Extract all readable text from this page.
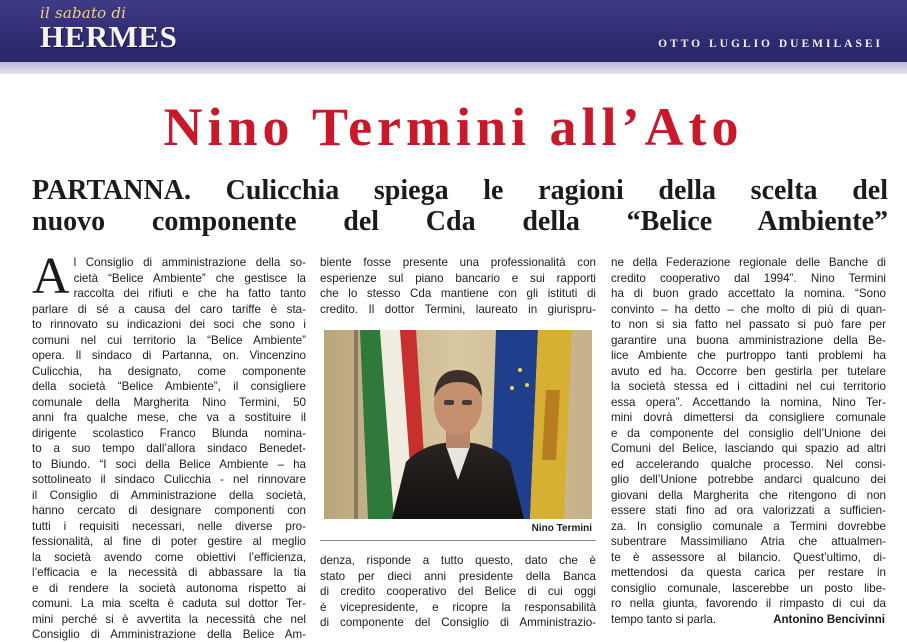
il sabato di
HERMES	OTTO LUGLIO DUEMILASEI
Nino Termini all’Ato
PARTANNA. Culicchia spiega le ragioni della scelta del
nuovo componente del Cda della “Belice Ambiente”
A l Consiglio di amministrazione della so-
cietà “Belice Ambiente” che gestisce la
raccolta dei rifiuti e che ha fatto tanto
parlare di sé a causa del caro tariffe è sta-
to rinnovato su indicazioni dei soci che sono i
comuni nel cui territorio la “Belice Ambiente”
opera. Il sindaco di Partanna, on. Vincenzino
Culicchia, ha designato, come componente
della società “Belice Ambiente”, il consigliere
comunale della Margherita Nino Termini, 50
anni fra qualche mese, che va a sostituire il
dirigente scolastico Franco Blunda nomina-
to a suo tempo dall’allora sindaco Benedet-
to Biundo. “I soci della Belice Ambiente – ha
sottolineato il sindaco Culicchia - nel rinnovare
il Consiglio di Amministrazione della società,
hanno cercato di designare componenti con
tutti i requisiti necessari, nelle diverse pro-
fessionalità, al fine di poter gestire al meglio
la società avendo come obiettivi l’efficienza,
l’efficacia e la necessità di abbassare la tia
e di rendere la società autonoma rispetto ai
comuni. La mia scelta è caduta sul dottor Ter-
mini perché si è avvertita la necessità che nel
Consiglio di Amministrazione della Belice Am-
biente fosse presente una professionalità con
esperienze sul piano bancario e sui rapporti
che lo stesso Cda mantiene con gli istituti di
credito. Il dottor Termini, laureato in giurispru-
Nino Termini
denza, risponde a tutto questo, dato che è
stato per dieci anni presidente della Banca
di credito cooperativo del Belice di cui oggi
è vicepresidente, e ricopre la responsabilità
di componente del Consiglio di Amministrazio-
ne della Federazione regionale delle Banche di
credito cooperativo dal 1994”. Nino Termini
ha di buon grado accettato la nomina. “Sono
convinto – ha detto – che molto di più di quan-
to non si sia fatto nel passato si può fare per
garantire una buona amministrazione della Be-
lice Ambiente che purtroppo tanti problemi ha
avuto ed ha. Occorre ben gestirla per tutelare
la società stessa ed i cittadini nel cui territorio
essa opera”. Accettando la nomina, Nino Ter-
mini dovrà dimettersi da consigliere comunale
e da componente del consiglio dell’Unione dei
Comuni del Belice, lasciando qui spazio ad altri
ed accelerando qualche processo. Nel consi-
glio dell’Unione potrebbe andarci qualcuno dei
giovani della Margherita che ritengono di non
essere stati fino ad ora valorizzati a sufficien-
za. In consiglio comunale a Termini dovrebbe
subentrare Massimiliano Atria che attualmen-
te è assessore al bilancio. Quest’ultimo, di-
mettendosi da questa carica per restare in
consiglio comunale, lascerebbe un posto libe-
ro nella giunta, favorendo il rimpasto di cui da
tempo tanto si parla.	Antonino Bencivinni
